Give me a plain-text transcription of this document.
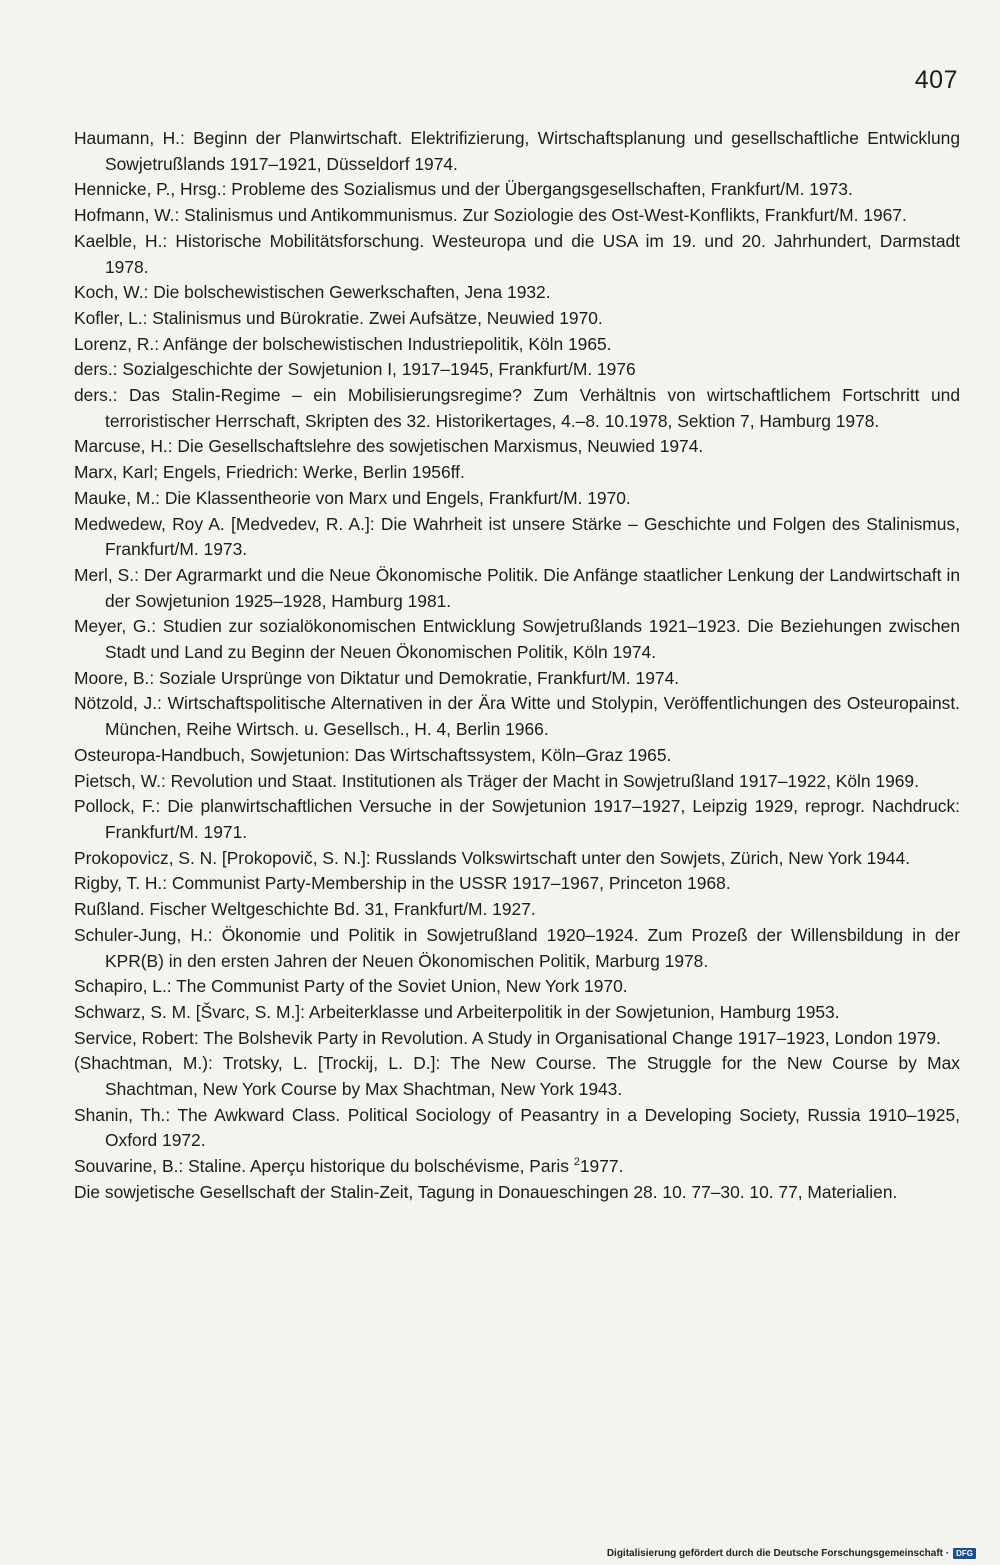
407
Haumann, H.: Beginn der Planwirtschaft. Elektrifizierung, Wirtschaftsplanung und gesellschaftliche Entwicklung Sowjetrußlands 1917–1921, Düsseldorf 1974.
Hennicke, P., Hrsg.: Probleme des Sozialismus und der Übergangsgesellschaften, Frankfurt/M. 1973.
Hofmann, W.: Stalinismus und Antikommunismus. Zur Soziologie des Ost-West-Konflikts, Frankfurt/M. 1967.
Kaelble, H.: Historische Mobilitätsforschung. Westeuropa und die USA im 19. und 20. Jahrhundert, Darmstadt 1978.
Koch, W.: Die bolschewistischen Gewerkschaften, Jena 1932.
Kofler, L.: Stalinismus und Bürokratie. Zwei Aufsätze, Neuwied 1970.
Lorenz, R.: Anfänge der bolschewistischen Industriepolitik, Köln 1965.
ders.: Sozialgeschichte der Sowjetunion I, 1917–1945, Frankfurt/M. 1976
ders.: Das Stalin-Regime – ein Mobilisierungsregime? Zum Verhältnis von wirtschaftlichem Fortschritt und terroristischer Herrschaft, Skripten des 32. Historikertages, 4.–8. 10.1978, Sektion 7, Hamburg 1978.
Marcuse, H.: Die Gesellschaftslehre des sowjetischen Marxismus, Neuwied 1974.
Marx, Karl; Engels, Friedrich: Werke, Berlin 1956ff.
Mauke, M.: Die Klassentheorie von Marx und Engels, Frankfurt/M. 1970.
Medwedew, Roy A. [Medvedev, R. A.]: Die Wahrheit ist unsere Stärke – Geschichte und Folgen des Stalinismus, Frankfurt/M. 1973.
Merl, S.: Der Agrarmarkt und die Neue Ökonomische Politik. Die Anfänge staatlicher Lenkung der Landwirtschaft in der Sowjetunion 1925–1928, Hamburg 1981.
Meyer, G.: Studien zur sozialökonomischen Entwicklung Sowjetrußlands 1921–1923. Die Beziehungen zwischen Stadt und Land zu Beginn der Neuen Ökonomischen Politik, Köln 1974.
Moore, B.: Soziale Ursprünge von Diktatur und Demokratie, Frankfurt/M. 1974.
Nötzold, J.: Wirtschaftspolitische Alternativen in der Ära Witte und Stolypin, Veröffentlichungen des Osteuropainst. München, Reihe Wirtsch. u. Gesellsch., H. 4, Berlin 1966.
Osteuropa-Handbuch, Sowjetunion: Das Wirtschaftssystem, Köln–Graz 1965.
Pietsch, W.: Revolution und Staat. Institutionen als Träger der Macht in Sowjetrußland 1917–1922, Köln 1969.
Pollock, F.: Die planwirtschaftlichen Versuche in der Sowjetunion 1917–1927, Leipzig 1929, reprogr. Nachdruck: Frankfurt/M. 1971.
Prokopovicz, S. N. [Prokopovič, S. N.]: Russlands Volkswirtschaft unter den Sowjets, Zürich, New York 1944.
Rigby, T. H.: Communist Party-Membership in the USSR 1917–1967, Princeton 1968.
Rußland. Fischer Weltgeschichte Bd. 31, Frankfurt/M. 1927.
Schuler-Jung, H.: Ökonomie und Politik in Sowjetrußland 1920–1924. Zum Prozeß der Willensbildung in der KPR(B) in den ersten Jahren der Neuen Ökonomischen Politik, Marburg 1978.
Schapiro, L.: The Communist Party of the Soviet Union, New York 1970.
Schwarz, S. M. [Švarc, S. M.]: Arbeiterklasse und Arbeiterpolitik in der Sowjetunion, Hamburg 1953.
Service, Robert: The Bolshevik Party in Revolution. A Study in Organisational Change 1917–1923, London 1979.
(Shachtman, M.): Trotsky, L. [Trockij, L. D.]: The New Course. The Struggle for the New Course by Max Shachtman, New York Course by Max Shachtman, New York 1943.
Shanin, Th.: The Awkward Class. Political Sociology of Peasantry in a Developing Society, Russia 1910–1925, Oxford 1972.
Souvarine, B.: Staline. Aperçu historique du bolschévisme, Paris $^2$1977.
Die sowjetische Gesellschaft der Stalin-Zeit, Tagung in Donaueschingen 28. 10. 77–30. 10. 77, Materialien.
Digitalisierung gefördert durch die Deutsche Forschungsgemeinschaft · DFG
